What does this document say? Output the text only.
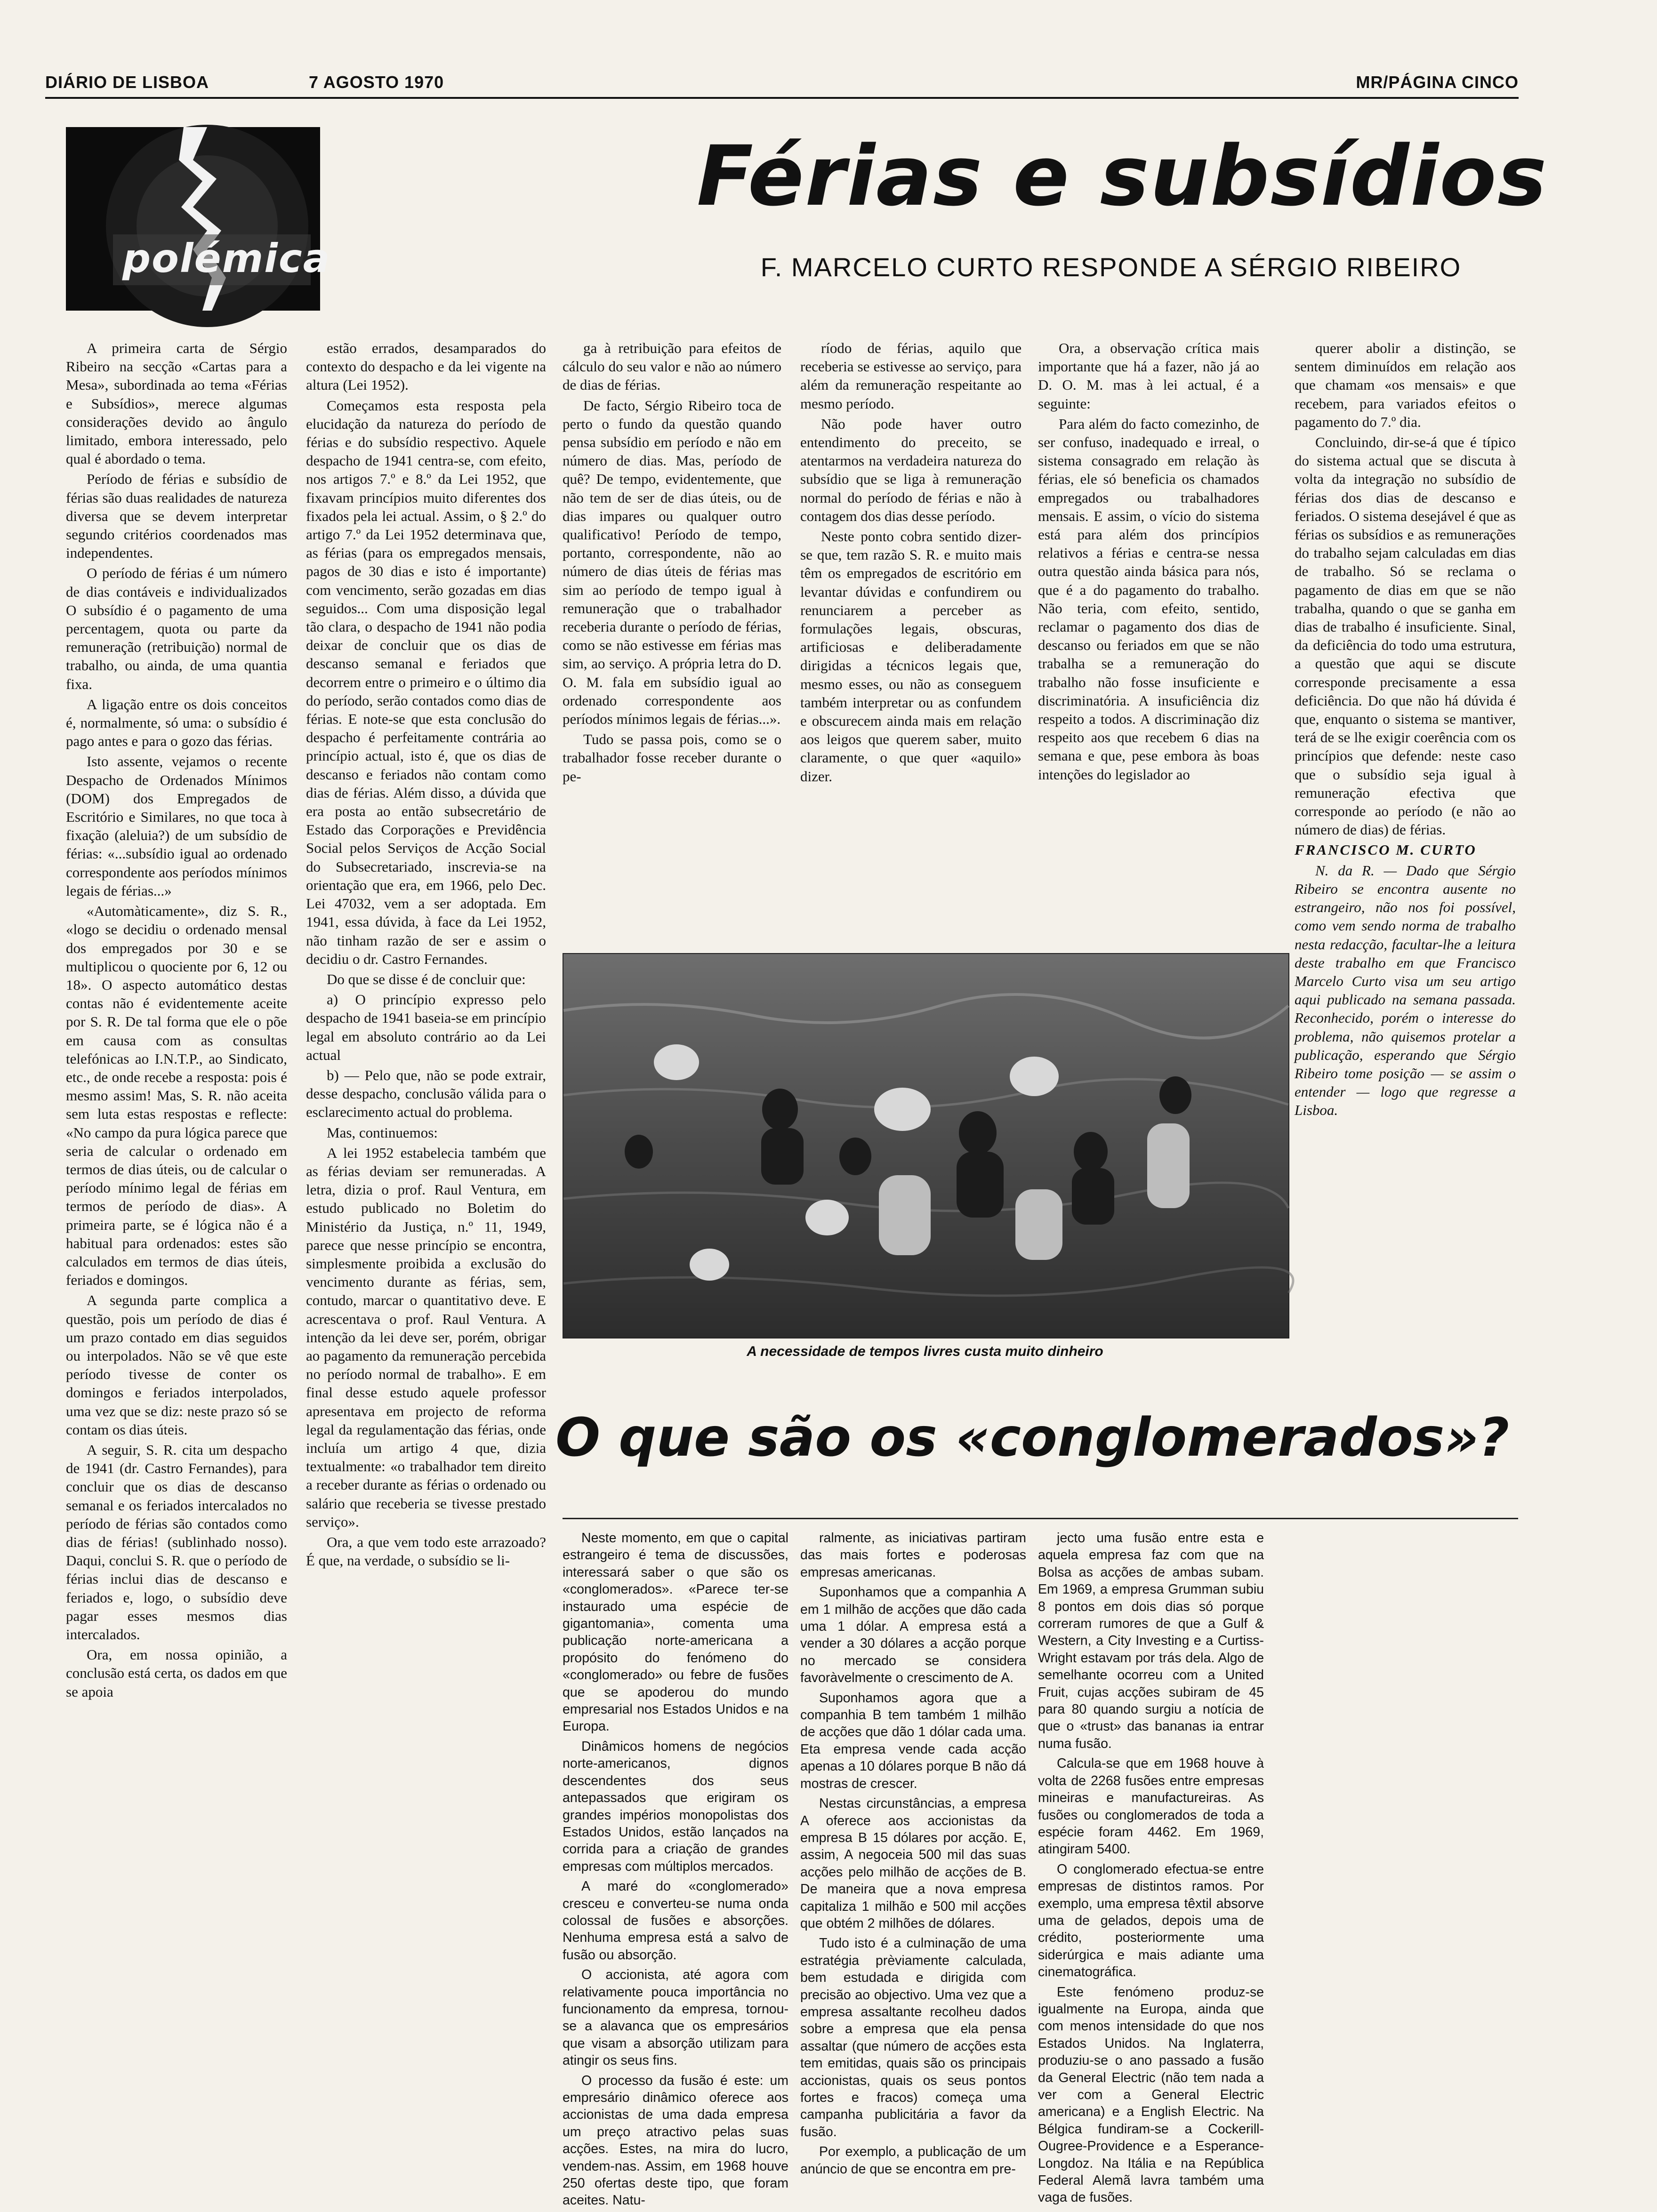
DIÁRIO DE LISBOA	7 AGOSTO 1970	MR/PÁGINA CINCO
polémica
Férias e subsídios
F. MARCELO CURTO RESPONDE A SÉRGIO RIBEIRO

A primeira carta de Sérgio Ribeiro na secção «Cartas para a Mesa», subordinada ao tema «Férias e Subsídios», merece algumas considerações devido ao ângulo limitado, embora interessado, pelo qual é abordado o tema.

Período de férias e subsídio de férias são duas realidades de natureza diversa que se devem interpretar segundo critérios coordenados mas independentes.

O período de férias é um número de dias contáveis e individualizados O subsídio é o pagamento de uma percentagem, quota ou parte da remuneração (retribuição) normal de trabalho, ou ainda, de uma quantia fixa.

A ligação entre os dois conceitos é, normalmente, só uma: o subsídio é pago antes e para o gozo das férias.

Isto assente, vejamos o recente Despacho de Ordenados Mínimos (DOM) dos Empregados de Escritório e Similares, no que toca à fixação (aleluia?) de um subsídio de férias: «...subsídio igual ao ordenado correspondente aos períodos mínimos legais de férias...»

«Automàticamente», diz S. R., «logo se decidiu o ordenado mensal dos empregados por 30 e se multiplicou o quociente por 6, 12 ou 18». O aspecto automático destas contas não é evidentemente aceite por S. R. De tal forma que ele o põe em causa com as consultas telefónicas ao I.N.T.P., ao Sindicato, etc., de onde recebe a resposta: pois é mesmo assim! Mas, S. R. não aceita sem luta estas respostas e reflecte: «No campo da pura lógica parece que seria de calcular o ordenado em termos de dias úteis, ou de calcular o período mínimo legal de férias em termos de período de dias». A primeira parte, se é lógica não é a habitual para ordenados: estes são calculados em termos de dias úteis, feriados e domingos.

A segunda parte complica a questão, pois um período de dias é um prazo contado em dias seguidos ou interpolados. Não se vê que este período tivesse de conter os domingos e feriados interpolados, uma vez que se diz: neste prazo só se contam os dias úteis.

A seguir, S. R. cita um despacho de 1941 (dr. Castro Fernandes), para concluir que os dias de descanso semanal e os feriados intercalados no período de férias são contados como dias de férias! (sublinhado nosso). Daqui, conclui S. R. que o período de férias inclui dias de descanso e feriados e, logo, o subsídio deve pagar esses mesmos dias intercalados.

Ora, em nossa opinião, a conclusão está certa, os dados em que se apoia

estão errados, desamparados do contexto do despacho e da lei vigente na altura (Lei 1952).

Começamos esta resposta pela elucidação da natureza do período de férias e do subsídio respectivo. Aquele despacho de 1941 centra-se, com efeito, nos artigos 7.º e 8.º da Lei 1952, que fixavam princípios muito diferentes dos fixados pela lei actual. Assim, o § 2.º do artigo 7.º da Lei 1952 determinava que, as férias (para os empregados mensais, pagos de 30 dias e isto é importante) com vencimento, serão gozadas em dias seguidos... Com uma disposição legal tão clara, o despacho de 1941 não podia deixar de concluir que os dias de descanso semanal e feriados que decorrem entre o primeiro e o último dia do período, serão contados como dias de férias. E note-se que esta conclusão do despacho é perfeitamente contrária ao princípio actual, isto é, que os dias de descanso e feriados não contam como dias de férias. Além disso, a dúvida que era posta ao então subsecretário de Estado das Corporações e Previdência Social pelos Serviços de Acção Social do Subsecretariado, inscrevia-se na orientação que era, em 1966, pelo Dec. Lei 47032, vem a ser adoptada. Em 1941, essa dúvida, à face da Lei 1952, não tinham razão de ser e assim o decidiu o dr. Castro Fernandes.

Do que se disse é de concluir que:

a) O princípio expresso pelo despacho de 1941 baseia-se em princípio legal em absoluto contrário ao da Lei actual

b) — Pelo que, não se pode extrair, desse despacho, conclusão válida para o esclarecimento actual do problema.

Mas, continuemos:

A lei 1952 estabelecia também que as férias deviam ser remuneradas. A letra, dizia o prof. Raul Ventura, em estudo publicado no Boletim do Ministério da Justiça, n.º 11, 1949, parece que nesse princípio se encontra, simplesmente proibida a exclusão do vencimento durante as férias, sem, contudo, marcar o quantitativo deve. E acrescentava o prof. Raul Ventura. A intenção da lei deve ser, porém, obrigar ao pagamento da remuneração percebida no período normal de trabalho». E em final desse estudo aquele professor apresentava em projecto de reforma legal da regulamentação das férias, onde incluía um artigo 4 que, dizia textualmente: «o trabalhador tem direito a receber durante as férias o ordenado ou salário que receberia se tivesse prestado serviço».

Ora, a que vem todo este arrazoado? É que, na verdade, o subsídio se li-

ga à retribuição para efeitos de cálculo do seu valor e não ao número de dias de férias.

De facto, Sérgio Ribeiro toca de perto o fundo da questão quando pensa subsídio em período e não em número de dias. Mas, período de quê? De tempo, evidentemente, que não tem de ser de dias úteis, ou de dias impares ou qualquer outro qualificativo! Período de tempo, portanto, correspondente, não ao número de dias úteis de férias mas sim ao período de tempo igual à remuneração que o trabalhador receberia durante o período de férias, como se não estivesse em férias mas sim, ao serviço. A própria letra do D. O. M. fala em subsídio igual ao ordenado correspondente aos períodos mínimos legais de férias...».

Tudo se passa pois, como se o trabalhador fosse receber durante o pe-

ríodo de férias, aquilo que receberia se estivesse ao serviço, para além da remuneração respeitante ao mesmo período.

Não pode haver outro entendimento do preceito, se atentarmos na verdadeira natureza do subsídio que se liga à remuneração normal do período de férias e não à contagem dos dias desse período.

Neste ponto cobra sentido dizer-se que, tem razão S. R. e muito mais têm os empregados de escritório em levantar dúvidas e confundirem ou renunciarem a perceber as formulações legais, obscuras, artificiosas e deliberadamente dirigidas a técnicos legais que, mesmo esses, ou não as conseguem também interpretar ou as confundem e obscurecem ainda mais em relação aos leigos que querem saber, muito claramente, o que quer «aquilo» dizer.

Ora, a observação crítica mais importante que há a fazer, não já ao D. O. M. mas à lei actual, é a seguinte:

Para além do facto comezinho, de ser confuso, inadequado e irreal, o sistema consagrado em relação às férias, ele só beneficia os chamados empregados ou trabalhadores mensais. E assim, o vício do sistema está para além dos princípios relativos a férias e centra-se nessa outra questão ainda básica para nós, que é a do pagamento do trabalho. Não teria, com efeito, sentido, reclamar o pagamento dos dias de descanso ou feriados em que se não trabalha se a remuneração do trabalho não fosse insuficiente e discriminatória. A insuficiência diz respeito a todos. A discriminação diz respeito aos que recebem 6 dias na semana e que, pese embora às boas intenções do legislador ao

querer abolir a distinção, se sentem diminuídos em relação aos que chamam «os mensais» e que recebem, para variados efeitos o pagamento do 7.º dia.

Concluindo, dir-se-á que é típico do sistema actual que se discuta à volta da integração no subsídio de férias dos dias de descanso e feriados. O sistema desejável é que as férias os subsídios e as remunerações do trabalho sejam calculadas em dias de trabalho. Só se reclama o pagamento de dias em que se não trabalha, quando o que se ganha em dias de trabalho é insuficiente. Sinal, da deficiência do todo uma estrutura, a questão que aqui se discute corresponde precisamente a essa deficiência. Do que não há dúvida é que, enquanto o sistema se mantiver, terá de se lhe exigir coerência com os princípios que defende: neste caso que o subsídio seja igual à remuneração efectiva que corresponde ao período (e não ao número de dias) de férias.

FRANCISCO M. CURTO

N. da R. — Dado que Sérgio Ribeiro se encontra ausente no estrangeiro, não nos foi possível, como vem sendo norma de trabalho nesta redacção, facultar-lhe a leitura deste trabalho em que Francisco Marcelo Curto visa um seu artigo aqui publicado na semana passada. Reconhecido, porém o interesse do problema, não quisemos protelar a publicação, esperando que Sérgio Ribeiro tome posição — se assim o entender — logo que regresse a Lisboa.

A necessidade de tempos livres custa muito dinheiro
O que são os «conglomerados»?

Neste momento, em que o capital estrangeiro é tema de discussões, interessará saber o que são os «conglomerados». «Parece ter-se instaurado uma espécie de gigantomania», comenta uma publicação norte-americana a propósito do fenómeno do «conglomerado» ou febre de fusões que se apoderou do mundo empresarial nos Estados Unidos e na Europa.

Dinâmicos homens de negócios norte-americanos, dignos descendentes dos seus antepassados que erigiram os grandes impérios monopolistas dos Estados Unidos, estão lançados na corrida para a criação de grandes empresas com múltiplos mercados.

A maré do «conglomerado» cresceu e converteu-se numa onda colossal de fusões e absorções. Nenhuma empresa está a salvo de fusão ou absorção.

O accionista, até agora com relativamente pouca importância no funcionamento da empresa, tornou-se a alavanca que os empresários que visam a absorção utilizam para atingir os seus fins.

O processo da fusão é este: um empresário dinâmico oferece aos accionistas de uma dada empresa um preço atractivo pelas suas acções. Estes, na mira do lucro, vendem-nas. Assim, em 1968 houve 250 ofertas deste tipo, que foram aceites. Natu-

ralmente, as iniciativas partiram das mais fortes e poderosas empresas americanas.

Suponhamos que a companhia A em 1 milhão de acções que dão cada uma 1 dólar. A empresa está a vender a 30 dólares a acção porque no mercado se considera favoràvelmente o crescimento de A.

Suponhamos agora que a companhia B tem também 1 milhão de acções que dão 1 dólar cada uma. Eta empresa vende cada acção apenas a 10 dólares porque B não dá mostras de crescer.

Nestas circunstâncias, a empresa A oferece aos accionistas da empresa B 15 dólares por acção. E, assim, A negoceia 500 mil das suas acções pelo milhão de acções de B. De maneira que a nova empresa capitaliza 1 milhão e 500 mil acções que obtém 2 milhões de dólares.

Tudo isto é a culminação de uma estratégia prèviamente calculada, bem estudada e dirigida com precisão ao objectivo. Uma vez que a empresa assaltante recolheu dados sobre a empresa que ela pensa assaltar (que número de acções esta tem emitidas, quais são os principais accionistas, quais os seus pontos fortes e fracos) começa uma campanha publicitária a favor da fusão.

Por exemplo, a publicação de um anúncio de que se encontra em pre-

jecto uma fusão entre esta e aquela empresa faz com que na Bolsa as acções de ambas subam. Em 1969, a empresa Grumman subiu 8 pontos em dois dias só porque correram rumores de que a Gulf & Western, a City Investing e a Curtiss-Wright estavam por trás dela. Algo de semelhante ocorreu com a United Fruit, cujas acções subiram de 45 para 80 quando surgiu a notícia de que o «trust» das bananas ia entrar numa fusão.

Calcula-se que em 1968 houve à volta de 2268 fusões entre empresas mineiras e manufactureiras. As fusões ou conglomerados de toda a espécie foram 4462. Em 1969, atingiram 5400.

O conglomerado efectua-se entre empresas de distintos ramos. Por exemplo, uma empresa têxtil absorve uma de gelados, depois uma de crédito, posteriormente uma siderúrgica e mais adiante uma cinematográfica.

Este fenómeno produz-se igualmente na Europa, ainda que com menos intensidade do que nos Estados Unidos. Na Inglaterra, produziu-se o ano passado a fusão da General Electric (não tem nada a ver com a General Electric americana) e a English Electric. Na Bélgica fundiram-se a Cockerill-Ougree-Providence e a Esperance-Longdoz. Na Itália e na República Federal Alemã lavra também uma vaga de fusões.
